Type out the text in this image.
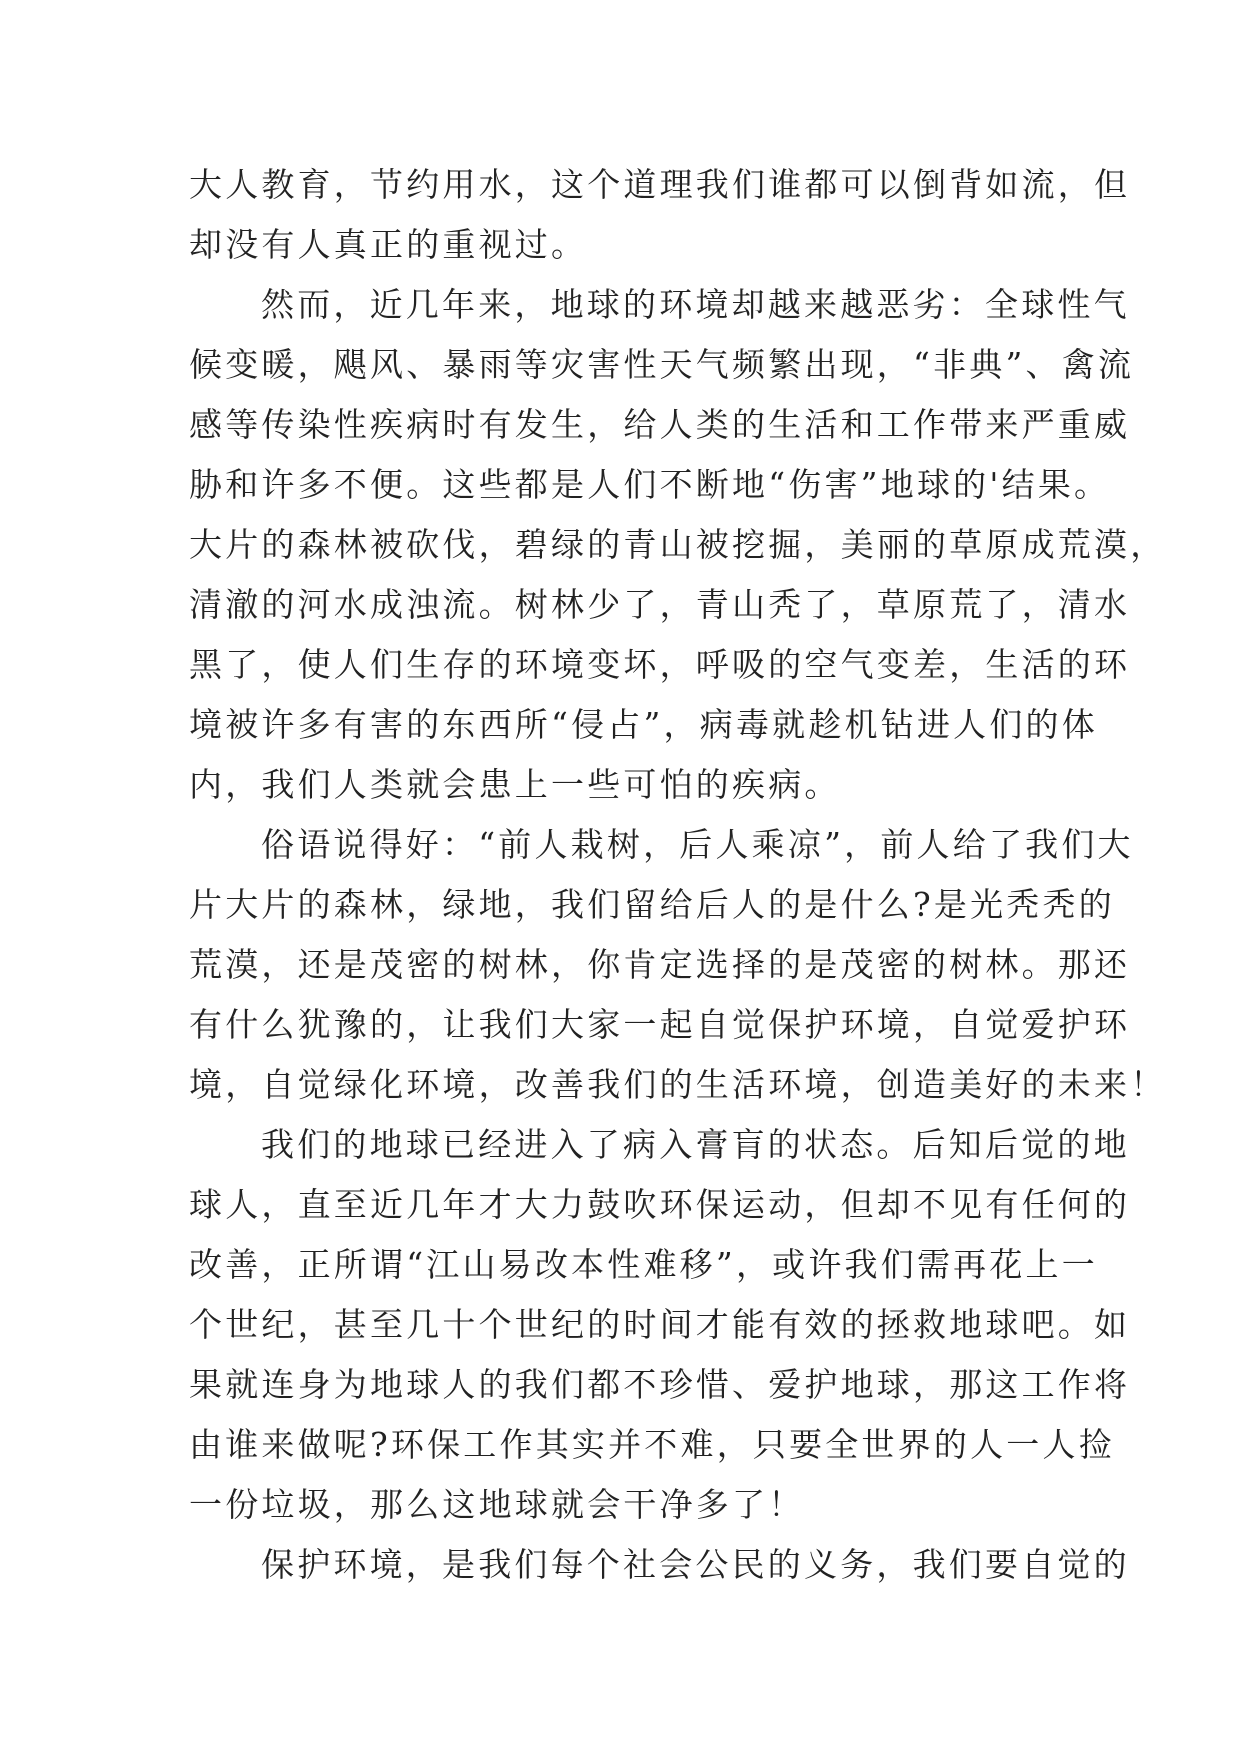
大人教育，节约用水，这个道理我们谁都可以倒背如流，但
却没有人真正的重视过。
然而，近几年来，地球的环境却越来越恶劣：全球性气
候变暖，飓风、暴雨等灾害性天气频繁出现，“非典”、禽流
感等传染性疾病时有发生，给人类的生活和工作带来严重威
胁和许多不便。这些都是人们不断地“伤害”地球的'结果。
大片的森林被砍伐，碧绿的青山被挖掘，美丽的草原成荒漠，
清澈的河水成浊流。树林少了，青山秃了，草原荒了，清水
黑了，使人们生存的环境变坏，呼吸的空气变差，生活的环
境被许多有害的东西所“侵占”，病毒就趁机钻进人们的体
内，我们人类就会患上一些可怕的疾病。
俗语说得好：“前人栽树，后人乘凉”，前人给了我们大
片大片的森林，绿地，我们留给后人的是什么?是光秃秃的
荒漠，还是茂密的树林，你肯定选择的是茂密的树林。那还
有什么犹豫的，让我们大家一起自觉保护环境，自觉爱护环
境，自觉绿化环境，改善我们的生活环境，创造美好的未来！
我们的地球已经进入了病入膏肓的状态。后知后觉的地
球人，直至近几年才大力鼓吹环保运动，但却不见有任何的
改善，正所谓“江山易改本性难移”，或许我们需再花上一
个世纪，甚至几十个世纪的时间才能有效的拯救地球吧。如
果就连身为地球人的我们都不珍惜、爱护地球，那这工作将
由谁来做呢?环保工作其实并不难，只要全世界的人一人捡
一份垃圾，那么这地球就会干净多了！
保护环境，是我们每个社会公民的义务，我们要自觉的
